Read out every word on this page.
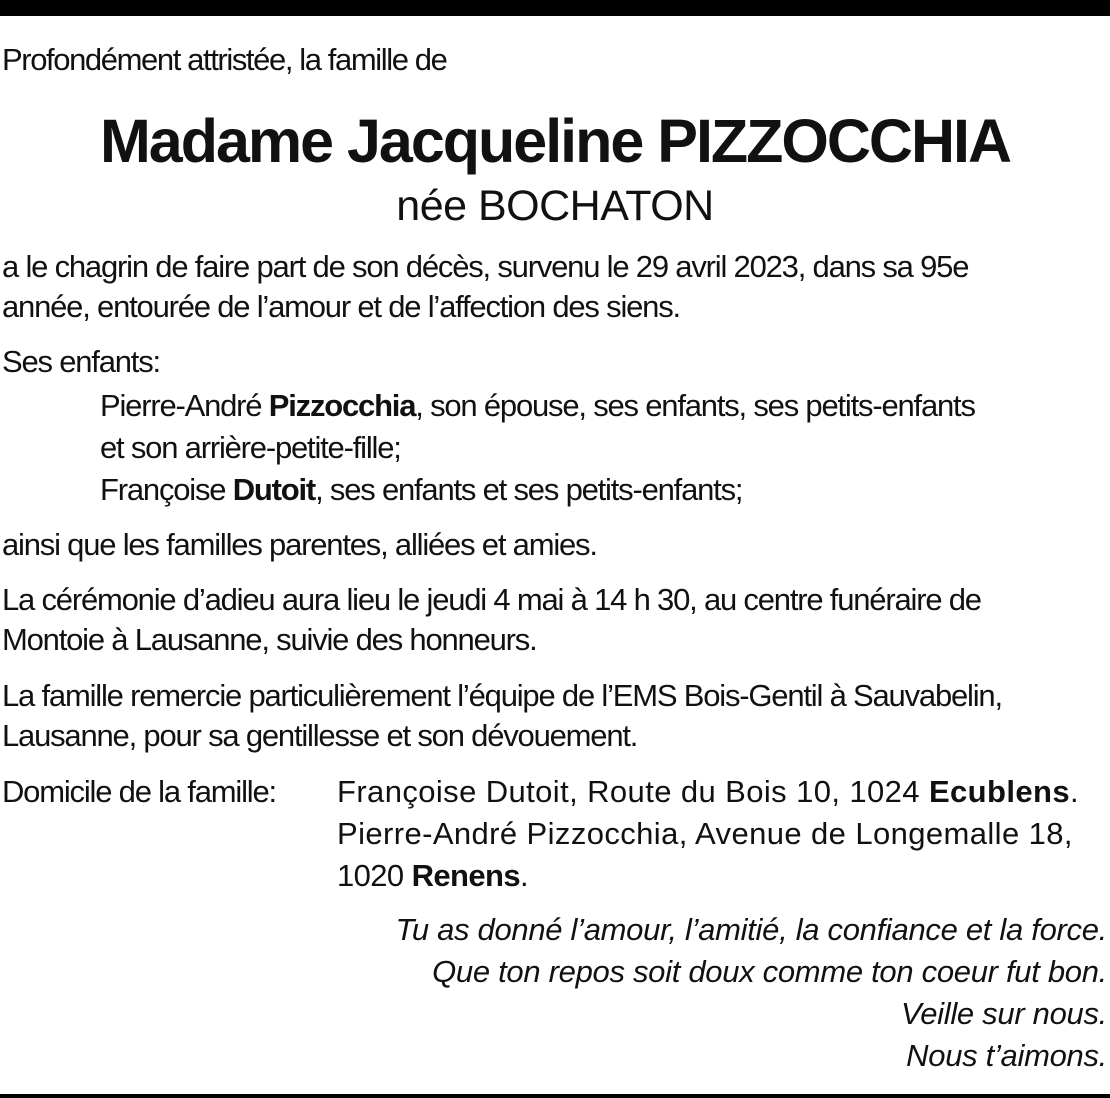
Profondément attristée, la famille de
Madame Jacqueline PIZZOCCHIA
née BOCHATON
a le chagrin de faire part de son décès, survenu le 29 avril 2023, dans sa 95e
année, entourée de l’amour et de l’affection des siens.
Ses enfants:
Pierre-André Pizzocchia, son épouse, ses enfants, ses petits-enfants
et son arrière-petite-fille;
Françoise Dutoit, ses enfants et ses petits-enfants;
ainsi que les familles parentes, alliées et amies.
La cérémonie d’adieu aura lieu le jeudi 4 mai à 14 h 30, au centre funéraire de
Montoie à Lausanne, suivie des honneurs.
La famille remercie particulièrement l’équipe de l’EMS Bois-Gentil à Sauvabelin,
Lausanne, pour sa gentillesse et son dévouement.
Domicile de la famille: Françoise Dutoit, Route du Bois 10, 1024 Ecublens.
Pierre-André Pizzocchia, Avenue de Longemalle 18,
1020 Renens.
Tu as donné l’amour, l’amitié, la confiance et la force.
Que ton repos soit doux comme ton coeur fut bon.
Veille sur nous.
Nous t’aimons.
